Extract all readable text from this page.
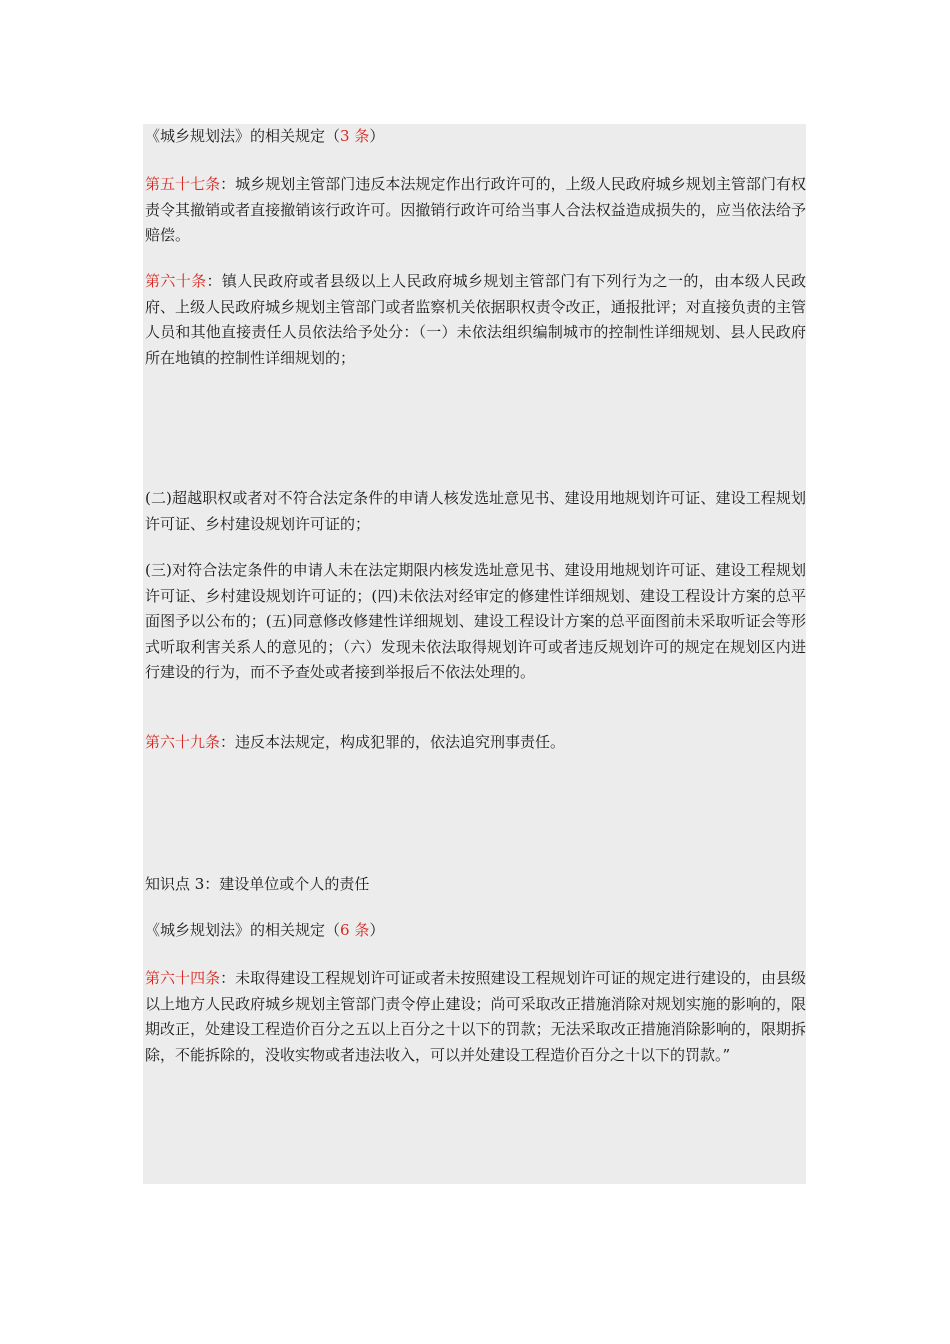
《城乡规划法》的相关规定（3 条）

第五十七条：城乡规划主管部门违反本法规定作出行政许可的，上级人民政府城乡规划主管部门有权责令其撤销或者直接撤销该行政许可。因撤销行政许可给当事人合法权益造成损失的，应当依法给予赔偿。

第六十条：镇人民政府或者县级以上人民政府城乡规划主管部门有下列行为之一的，由本级人民政府、上级人民政府城乡规划主管部门或者监察机关依据职权责令改正，通报批评；对直接负责的主管人员和其他直接责任人员依法给予处分：（一）未依法组织编制城市的控制性详细规划、县人民政府所在地镇的控制性详细规划的；

(二)超越职权或者对不符合法定条件的申请人核发选址意见书、建设用地规划许可证、建设工程规划许可证、乡村建设规划许可证的；

(三)对符合法定条件的申请人未在法定期限内核发选址意见书、建设用地规划许可证、建设工程规划许可证、乡村建设规划许可证的；(四)未依法对经审定的修建性详细规划、建设工程设计方案的总平面图予以公布的；(五)同意修改修建性详细规划、建设工程设计方案的总平面图前未采取听证会等形式听取利害关系人的意见的；（六）发现未依法取得规划许可或者违反规划许可的规定在规划区内进行建设的行为，而不予查处或者接到举报后不依法处理的。

第六十九条：违反本法规定，构成犯罪的，依法追究刑事责任。

知识点 3：建设单位或个人的责任

《城乡规划法》的相关规定（6 条）

第六十四条：未取得建设工程规划许可证或者未按照建设工程规划许可证的规定进行建设的，由县级以上地方人民政府城乡规划主管部门责令停止建设；尚可采取改正措施消除对规划实施的影响的，限期改正，处建设工程造价百分之五以上百分之十以下的罚款；无法采取改正措施消除影响的，限期拆除，不能拆除的，没收实物或者违法收入，可以并处建设工程造价百分之十以下的罚款。”
